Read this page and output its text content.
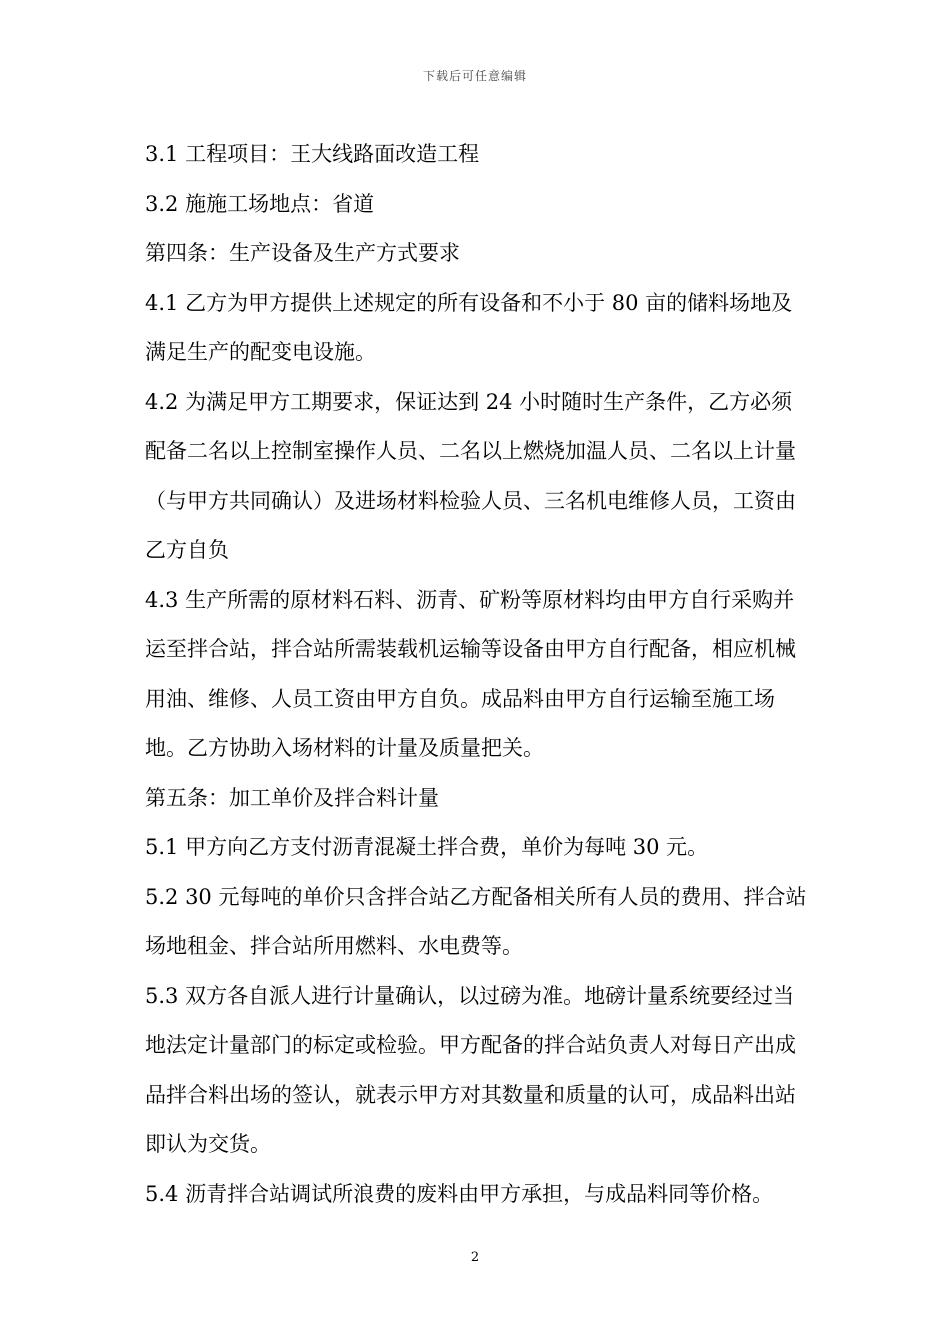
下载后可任意编辑

3.1 工程项目：王大线路面改造工程

3.2 施施工场地点：省道

第四条：生产设备及生产方式要求

4.1 乙方为甲方提供上述规定的所有设备和不小于 80 亩的储料场地及满足生产的配变电设施。

4.2 为满足甲方工期要求，保证达到 24 小时随时生产条件，乙方必须配备二名以上控制室操作人员、二名以上燃烧加温人员、二名以上计量（与甲方共同确认）及进场材料检验人员、三名机电维修人员，工资由乙方自负

4.3 生产所需的原材料石料、沥青、矿粉等原材料均由甲方自行采购并运至拌合站，拌合站所需装载机运输等设备由甲方自行配备，相应机械用油、维修、人员工资由甲方自负。成品料由甲方自行运输至施工场地。乙方协助入场材料的计量及质量把关。

第五条：加工单价及拌合料计量

5.1 甲方向乙方支付沥青混凝土拌合费，单价为每吨 30 元。

5.2 30 元每吨的单价只含拌合站乙方配备相关所有人员的费用、拌合站场地租金、拌合站所用燃料、水电费等。

5.3 双方各自派人进行计量确认，以过磅为准。地磅计量系统要经过当地法定计量部门的标定或检验。甲方配备的拌合站负责人对每日产出成品拌合料出场的签认，就表示甲方对其数量和质量的认可，成品料出站即认为交货。

5.4 沥青拌合站调试所浪费的废料由甲方承担，与成品料同等价格。

2
